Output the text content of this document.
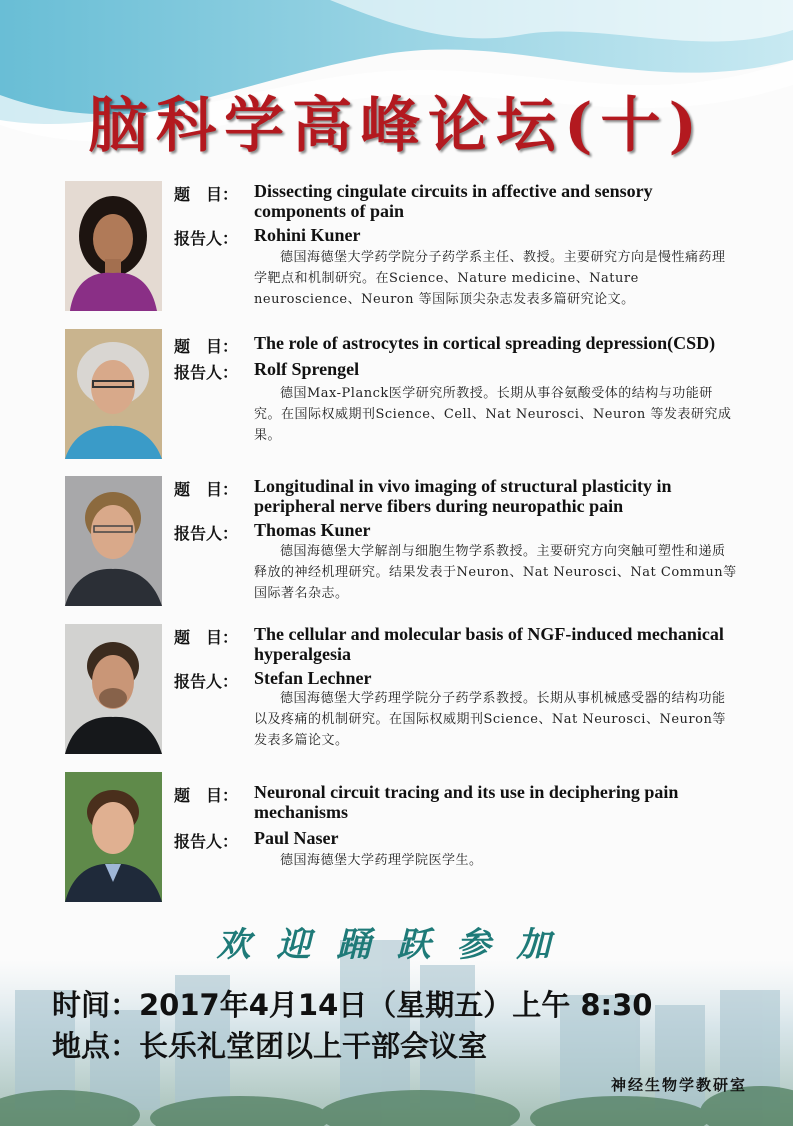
脑科学高峰论坛(十)
题　目： Dissecting cingulate circuits in affective and sensory components of pain
报告人： Rohini Kuner
德国海德堡大学药学院分子药学系主任、教授。主要研究方向是慢性痛药理学靶点和机制研究。在Science、Nature medicine、Nature neuroscience、Neuron 等国际顶尖杂志发表多篇研究论文。
题　目： The role of astrocytes in cortical spreading depression(CSD)
报告人： Rolf Sprengel
德国Max-Planck医学研究所教授。长期从事谷氨酸受体的结构与功能研究。在国际权威期刊Science、Cell、Nat Neurosci、Neuron 等发表研究成果。
题　目： Longitudinal in vivo imaging of structural plasticity in peripheral nerve fibers during neuropathic pain
报告人： Thomas Kuner
德国海德堡大学解剖与细胞生物学系教授。主要研究方向突触可塑性和递质释放的神经机理研究。结果发表于Neuron、Nat Neurosci、Nat Commun等国际著名杂志。
题　目： The cellular and molecular basis of NGF-induced mechanical hyperalgesia
报告人： Stefan Lechner
德国海德堡大学药理学院分子药学系教授。长期从事机械感受器的结构功能以及疼痛的机制研究。在国际权威期刊Science、Nat Neurosci、Neuron等发表多篇论文。
题　目： Neuronal circuit tracing and its use in deciphering pain mechanisms
报告人： Paul Naser
德国海德堡大学药理学院医学生。
欢迎踊跃参加
时间：2017年4月14日（星期五）上午 8:30
地点：长乐礼堂团以上干部会议室
神经生物学教研室
